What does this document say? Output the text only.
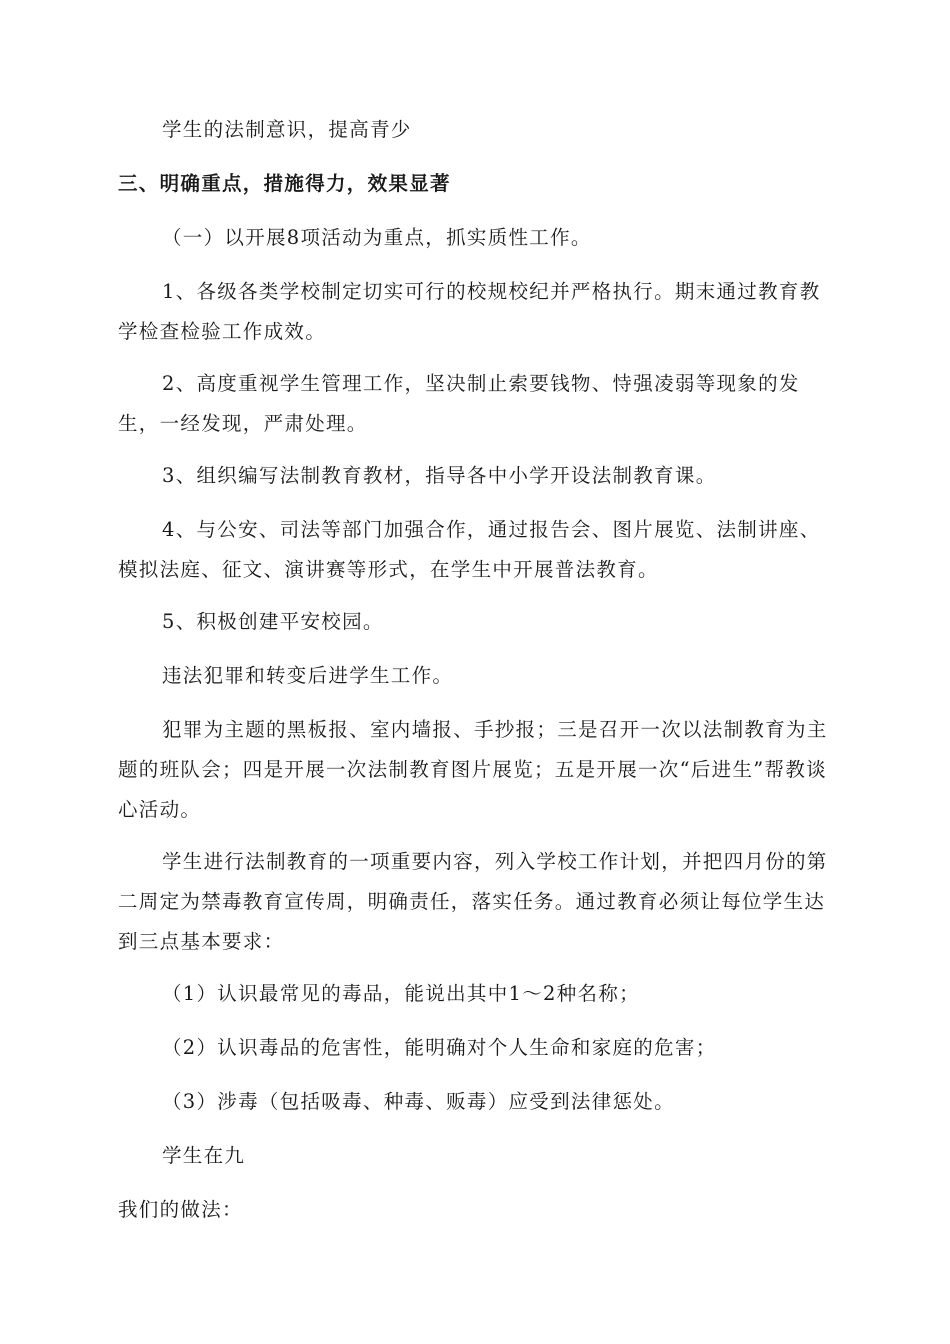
学生的法制意识，提高青少
三、明确重点，措施得力，效果显著
（一）以开展8项活动为重点，抓实质性工作。
1、各级各类学校制定切实可行的校规校纪并严格执行。期末通过教育教学检查检验工作成效。
2、高度重视学生管理工作，坚决制止索要钱物、恃强凌弱等现象的发生，一经发现，严肃处理。
3、组织编写法制教育教材，指导各中小学开设法制教育课。
4、与公安、司法等部门加强合作，通过报告会、图片展览、法制讲座、模拟法庭、征文、演讲赛等形式，在学生中开展普法教育。
5、积极创建平安校园。
违法犯罪和转变后进学生工作。
犯罪为主题的黑板报、室内墙报、手抄报；三是召开一次以法制教育为主题的班队会；四是开展一次法制教育图片展览；五是开展一次“后进生”帮教谈心活动。
学生进行法制教育的一项重要内容，列入学校工作计划，并把四月份的第二周定为禁毒教育宣传周，明确责任，落实任务。通过教育必须让每位学生达到三点基本要求：
（1）认识最常见的毒品，能说出其中1～2种名称；
（2）认识毒品的危害性，能明确对个人生命和家庭的危害；
（3）涉毒（包括吸毒、种毒、贩毒）应受到法律惩处。
学生在九
我们的做法：
